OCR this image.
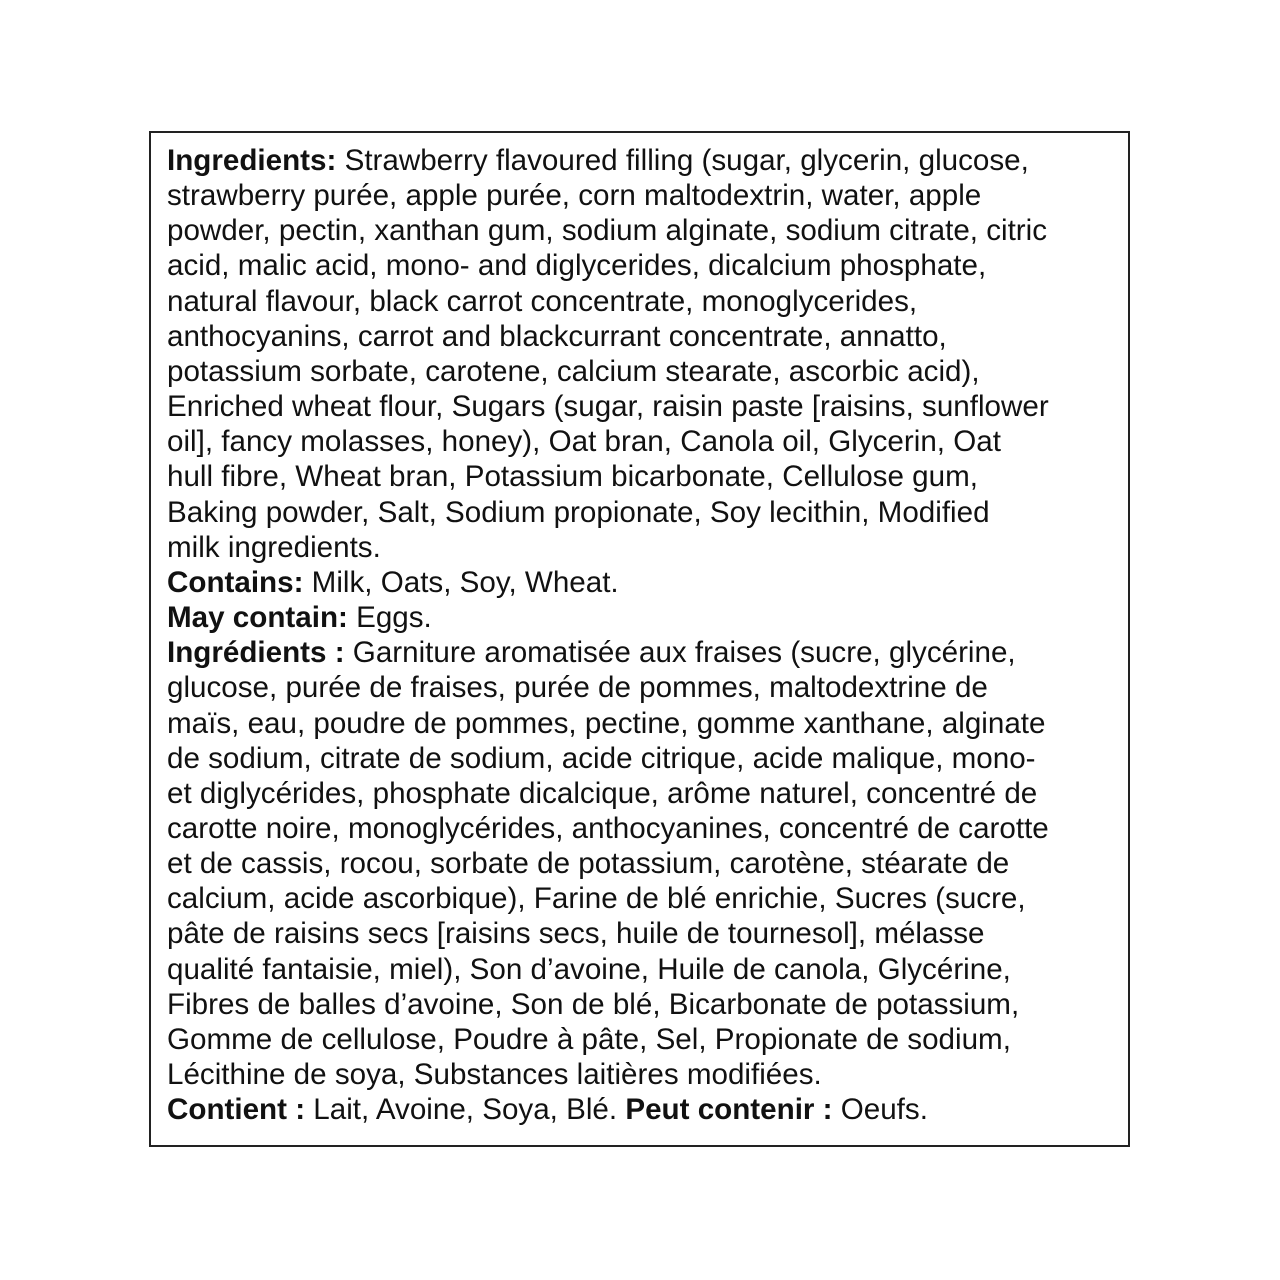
Ingredients: Strawberry flavoured filling (sugar, glycerin, glucose,
strawberry purée, apple purée, corn maltodextrin, water, apple
powder, pectin, xanthan gum, sodium alginate, sodium citrate, citric
acid, malic acid, mono- and diglycerides, dicalcium phosphate,
natural flavour, black carrot concentrate, monoglycerides,
anthocyanins, carrot and blackcurrant concentrate, annatto,
potassium sorbate, carotene, calcium stearate, ascorbic acid),
Enriched wheat flour, Sugars (sugar, raisin paste [raisins, sunflower
oil], fancy molasses, honey), Oat bran, Canola oil, Glycerin, Oat
hull fibre, Wheat bran, Potassium bicarbonate, Cellulose gum,
Baking powder, Salt, Sodium propionate, Soy lecithin, Modified
milk ingredients.
Contains: Milk, Oats, Soy, Wheat.
May contain: Eggs.
Ingrédients : Garniture aromatisée aux fraises (sucre, glycérine,
glucose, purée de fraises, purée de pommes, maltodextrine de
maïs, eau, poudre de pommes, pectine, gomme xanthane, alginate
de sodium, citrate de sodium, acide citrique, acide malique, mono-
et diglycérides, phosphate dicalcique, arôme naturel, concentré de
carotte noire, monoglycérides, anthocyanines, concentré de carotte
et de cassis, rocou, sorbate de potassium, carotène, stéarate de
calcium, acide ascorbique), Farine de blé enrichie, Sucres (sucre,
pâte de raisins secs [raisins secs, huile de tournesol], mélasse
qualité fantaisie, miel), Son d’avoine, Huile de canola, Glycérine,
Fibres de balles d’avoine, Son de blé, Bicarbonate de potassium,
Gomme de cellulose, Poudre à pâte, Sel, Propionate de sodium,
Lécithine de soya, Substances laitières modifiées.
Contient : Lait, Avoine, Soya, Blé. Peut contenir : Oeufs.
